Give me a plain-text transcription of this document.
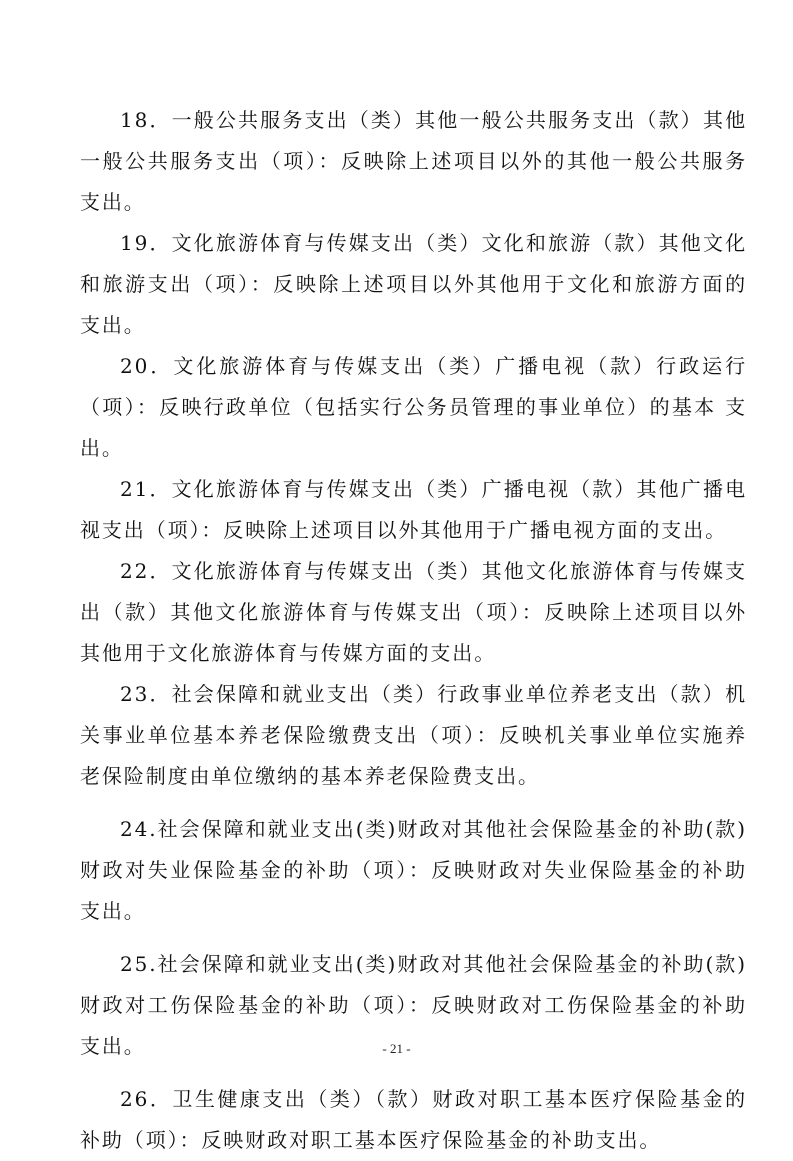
18．一般公共服务支出（类）其他一般公共服务支出（款）其他一般公共服务支出（项）：反映除上述项目以外的其他一般公共服务支出。

19．文化旅游体育与传媒支出（类）文化和旅游（款）其他文化和旅游支出（项）：反映除上述项目以外其他用于文化和旅游方面的支出。

20．文化旅游体育与传媒支出（类）广播电视（款）行政运行（项）：反映行政单位（包括实行公务员管理的事业单位）的基本 支出。

21．文化旅游体育与传媒支出（类）广播电视（款）其他广播电视支出（项）：反映除上述项目以外其他用于广播电视方面的支出。

22．文化旅游体育与传媒支出（类）其他文化旅游体育与传媒支出（款）其他文化旅游体育与传媒支出（项）：反映除上述项目以外其他用于文化旅游体育与传媒方面的支出。

23．社会保障和就业支出（类）行政事业单位养老支出（款）机关事业单位基本养老保险缴费支出（项）：反映机关事业单位实施养老保险制度由单位缴纳的基本养老保险费支出。

24.社会保障和就业支出(类)财政对其他社会保险基金的补助(款)财政对失业保险基金的补助（项）：反映财政对失业保险基金的补助支出。

25.社会保障和就业支出(类)财政对其他社会保险基金的补助(款)财政对工伤保险基金的补助（项）：反映财政对工伤保险基金的补助支出。

26．卫生健康支出（类）（款）财政对职工基本医疗保险基金的补助（项）：反映财政对职工基本医疗保险基金的补助支出。

- 21 -
